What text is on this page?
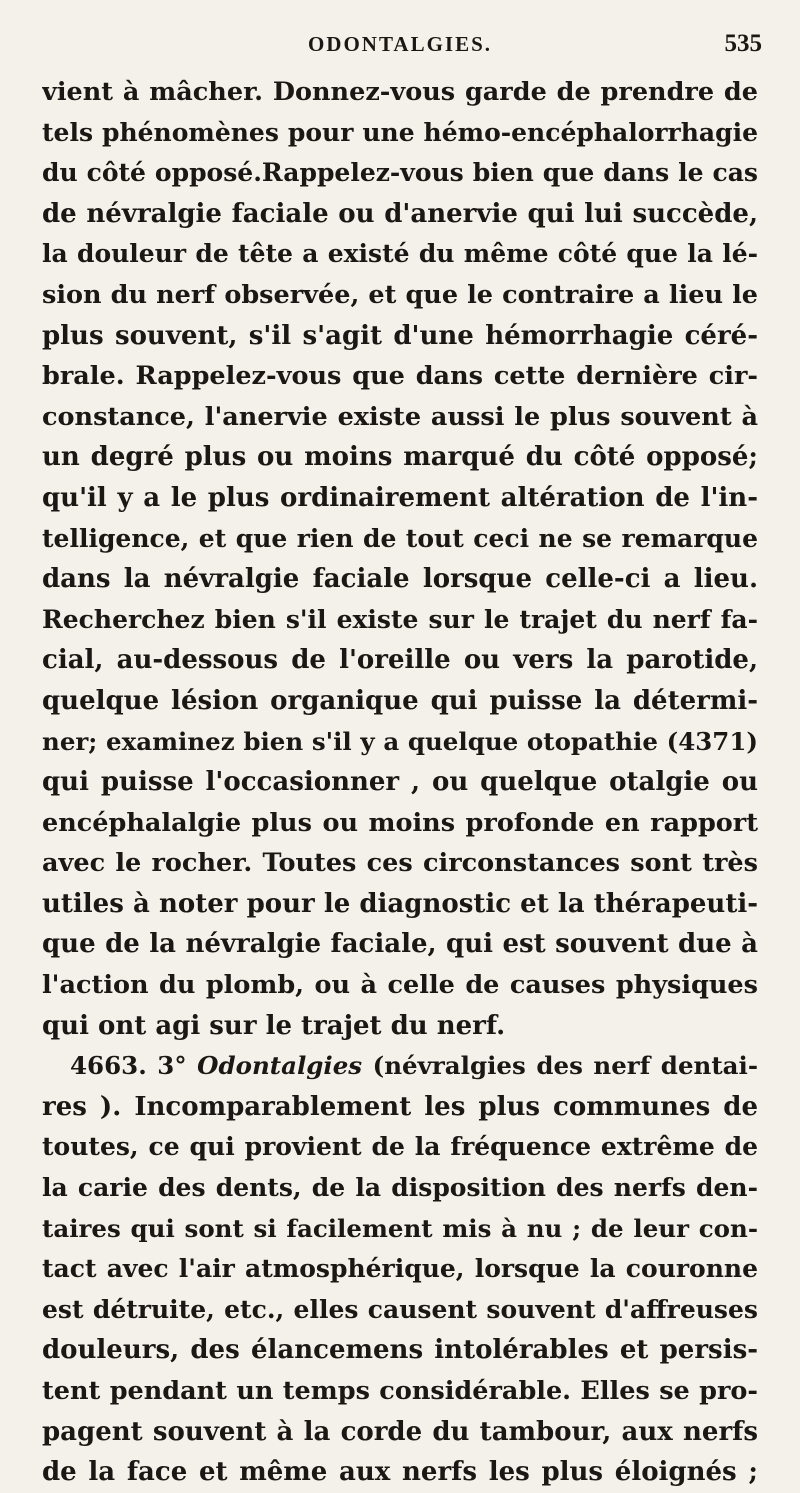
ODONTALGIES.	535
vient à mâcher. Donnez-vous garde de prendre de
tels phénomènes pour une hémo-encéphalorrhagie
du côté opposé.Rappelez-vous bien que dans le cas
de névralgie faciale ou d'anervie qui lui succède,
la douleur de tête a existé du même côté que la lé-
sion du nerf observée, et que le contraire a lieu le
plus souvent, s'il s'agit d'une hémorrhagie céré-
brale. Rappelez-vous que dans cette dernière cir-
constance, l'anervie existe aussi le plus souvent à
un degré plus ou moins marqué du côté opposé;
qu'il y a le plus ordinairement altération de l'in-
telligence, et que rien de tout ceci ne se remarque
dans la névralgie faciale lorsque celle-ci a lieu.
Recherchez bien s'il existe sur le trajet du nerf fa-
cial, au-dessous de l'oreille ou vers la parotide,
quelque lésion organique qui puisse la détermi-
ner; examinez bien s'il y a quelque otopathie (4371)
qui puisse l'occasionner , ou quelque otalgie ou
encéphalalgie plus ou moins profonde en rapport
avec le rocher. Toutes ces circonstances sont très
utiles à noter pour le diagnostic et la thérapeuti-
que de la névralgie faciale, qui est souvent due à
l'action du plomb, ou à celle de causes physiques
qui ont agi sur le trajet du nerf.
4663. 3° Odontalgies (névralgies des nerf dentai-
res ). Incomparablement les plus communes de
toutes, ce qui provient de la fréquence extrême de
la carie des dents, de la disposition des nerfs den-
taires qui sont si facilement mis à nu ; de leur con-
tact avec l'air atmosphérique, lorsque la couronne
est détruite, etc., elles causent souvent d'affreuses
douleurs, des élancemens intolérables et persis-
tent pendant un temps considérable. Elles se pro-
pagent souvent à la corde du tambour, aux nerfs
de la face et même aux nerfs les plus éloignés ;
